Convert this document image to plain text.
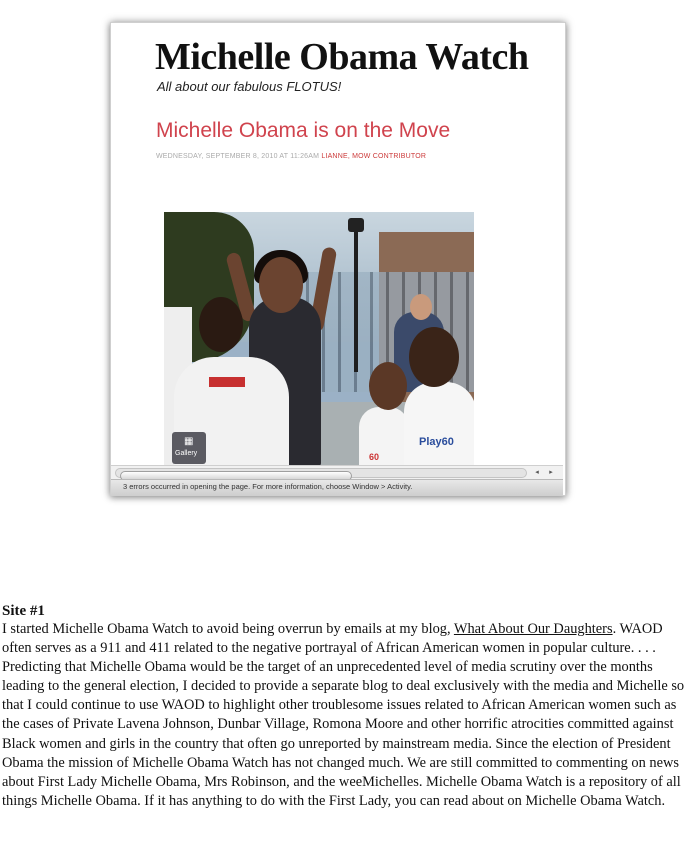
Michelle Obama Watch
All about our fabulous FLOTUS!
Michelle Obama is on the Move
WEDNESDAY, SEPTEMBER 8, 2010 AT 11:26AM LIANNE, MOW CONTRIBUTOR
Play60
60
▦
Gallery
◂	▸
3 errors occurred in opening the page. For more information, choose Window > Activity.
Site #1

I started Michelle Obama Watch to avoid being overrun by emails at my blog, What About Our Daughters. WAOD often serves as a 911 and 411 related to the negative portrayal of African American women in popular culture. . . . Predicting that Michelle Obama would be the target of an unprecedented level of media scrutiny over the months leading to the general election, I decided to provide a separate blog to deal exclusively with the media and Michelle so that I could continue to use WAOD to highlight other troublesome issues related to African American women such as the cases of Private Lavena Johnson, Dunbar Village, Romona Moore and other horrific atrocities committed against Black women and girls in the country that often go unreported by mainstream media. Since the election of President Obama the mission of Michelle Obama Watch has not changed much. We are still committed to commenting on news about First Lady Michelle Obama, Mrs Robinson, and the weeMichelles. Michelle Obama Watch is a repository of all things Michelle Obama. If it has anything to do with the First Lady, you can read about on Michelle Obama Watch.
